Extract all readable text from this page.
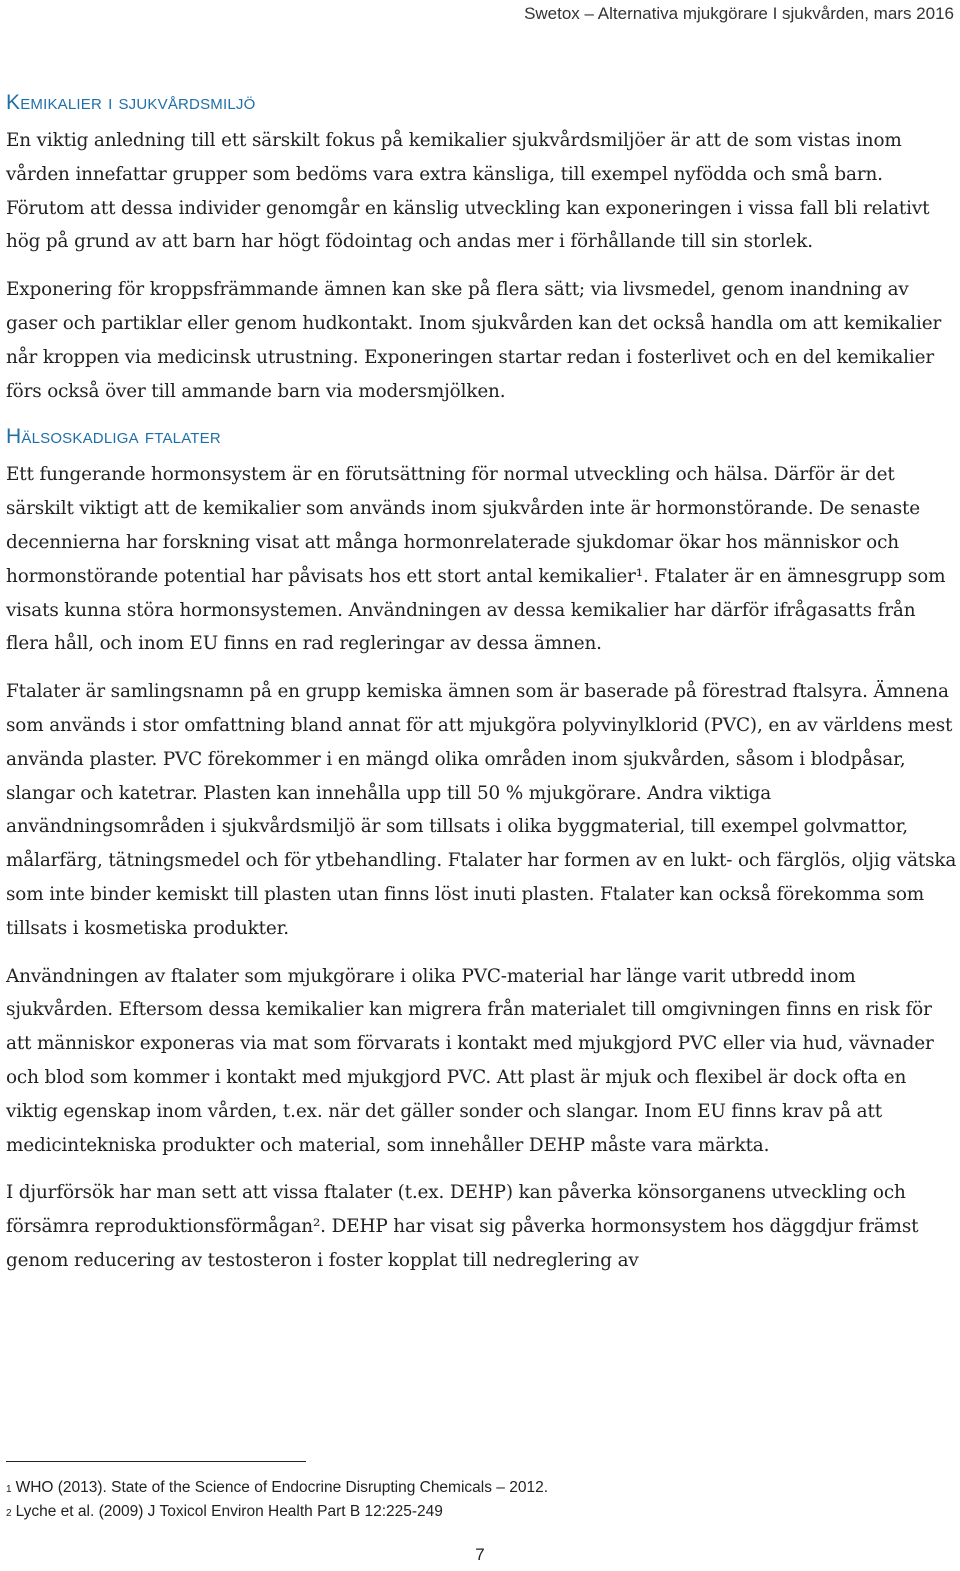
Swetox – Alternativa mjukgörare I sjukvården, mars 2016
Kemikalier i sjukvårdsmiljö

En viktig anledning till ett särskilt fokus på kemikalier sjukvårdsmiljöer är att de som vistas inom vården innefattar grupper som bedöms vara extra känsliga, till exempel nyfödda och små barn. Förutom att dessa individer genomgår en känslig utveckling kan exponeringen i vissa fall bli relativt hög på grund av att barn har högt födointag och andas mer i förhållande till sin storlek.

Exponering för kroppsfrämmande ämnen kan ske på flera sätt; via livsmedel, genom inandning av gaser och partiklar eller genom hudkontakt. Inom sjukvården kan det också handla om att kemikalier når kroppen via medicinsk utrustning. Exponeringen startar redan i fosterlivet och en del kemikalier förs också över till ammande barn via modersmjölken.

Hälsoskadliga ftalater

Ett fungerande hormonsystem är en förutsättning för normal utveckling och hälsa. Därför är det särskilt viktigt att de kemikalier som används inom sjukvården inte är hormonstörande. De senaste decennierna har forskning visat att många hormonrelaterade sjukdomar ökar hos människor och hormonstörande potential har påvisats hos ett stort antal kemikalier¹. Ftalater är en ämnesgrupp som visats kunna störa hormonsystemen. Användningen av dessa kemikalier har därför ifrågasatts från flera håll, och inom EU finns en rad regleringar av dessa ämnen.

Ftalater är samlingsnamn på en grupp kemiska ämnen som är baserade på förestrad ftalsyra. Ämnena som används i stor omfattning bland annat för att mjukgöra polyvinylklorid (PVC), en av världens mest använda plaster. PVC förekommer i en mängd olika områden inom sjukvården, såsom i blodpåsar, slangar och katetrar. Plasten kan innehålla upp till 50 % mjukgörare. Andra viktiga användningsområden i sjukvårdsmiljö är som tillsats i olika byggmaterial, till exempel golvmattor, målarfärg, tätningsmedel och för ytbehandling. Ftalater har formen av en lukt- och färglös, oljig vätska som inte binder kemiskt till plasten utan finns löst inuti plasten. Ftalater kan också förekomma som tillsats i kosmetiska produkter.

Användningen av ftalater som mjukgörare i olika PVC-material har länge varit utbredd inom sjukvården. Eftersom dessa kemikalier kan migrera från materialet till omgivningen finns en risk för att människor exponeras via mat som förvarats i kontakt med mjukgjord PVC eller via hud, vävnader och blod som kommer i kontakt med mjukgjord PVC. Att plast är mjuk och flexibel är dock ofta en viktig egenskap inom vården, t.ex. när det gäller sonder och slangar. Inom EU finns krav på att medicintekniska produkter och material, som innehåller DEHP måste vara märkta.

I djurförsök har man sett att vissa ftalater (t.ex. DEHP) kan påverka könsorganens utveckling och försämra reproduktionsförmågan². DEHP har visat sig påverka hormonsystem hos däggdjur främst genom reducering av testosteron i foster kopplat till nedreglering av

$^1$ WHO (2013). State of the Science of Endocrine Disrupting Chemicals – 2012.
$^2$ Lyche et al. (2009) J Toxicol Environ Health Part B 12:225-249
7
